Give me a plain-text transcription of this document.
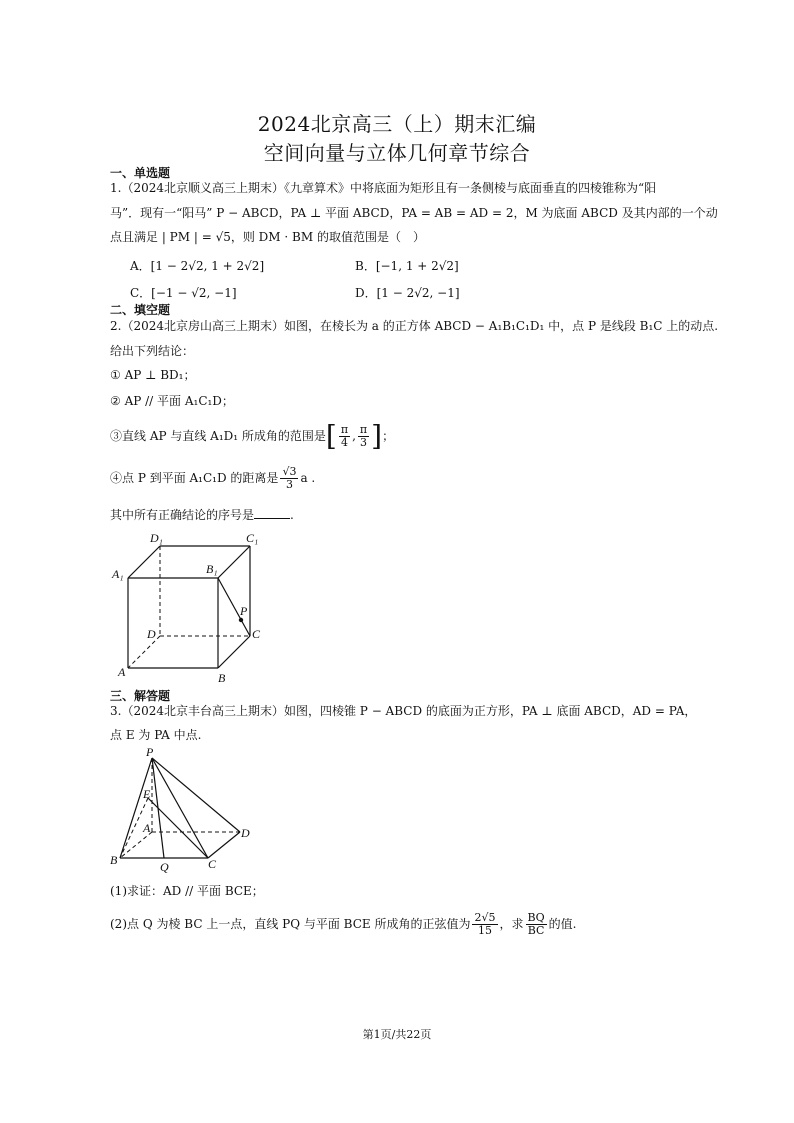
2024北京高三（上）期末汇编
空间向量与立体几何章节综合
一、单选题
1.（2024北京顺义高三上期末）《九章算术》中将底面为矩形且有一条侧棱与底面垂直的四棱锥称为“阳
马”．现有一“阳马” P − ABCD，PA ⊥ 平面 ABCD，PA = AB = AD = 2，M 为底面 ABCD 及其内部的一个动
点且满足 | PM | = √5，则 DM · BM 的取值范围是（　）
A．[1 − 2√2, 1 + 2√2]	B．[−1, 1 + 2√2]
C．[−1 − √2, −1]	D．[1 − 2√2, −1]
二、填空题
2.（2024北京房山高三上期末）如图，在棱长为 a 的正方体 ABCD − A₁B₁C₁D₁ 中，点 P 是线段 B₁C 上的动点.
给出下列结论：
① AP ⊥ BD₁；
② AP // 平面 A₁C₁D；
③直线 AP 与直线 A₁D₁ 所成角的范围是[ $\frac{\pi}{4}$ , $\frac{\pi}{3}$ ]；
④点 P 到平面 A₁C₁D 的距离是 $\frac{√3}{3}$ a .
其中所有正确结论的序号是	.
D₁	C₁
A₁	B₁
P
D	C
A	B
三、解答题
3.（2024北京丰台高三上期末）如图，四棱锥 P − ABCD 的底面为正方形，PA ⊥ 底面 ABCD，AD = PA，
点 E 为 PA 中点.
P
E
A	D
B	Q	C
(1)求证：AD // 平面 BCE；
(2)点 Q 为棱 BC 上一点，直线 PQ 与平面 BCE 所成角的正弦值为 $\frac{2√5}{15}$ ，求 $\frac{BQ}{BC}$ 的值.
第1页/共22页
